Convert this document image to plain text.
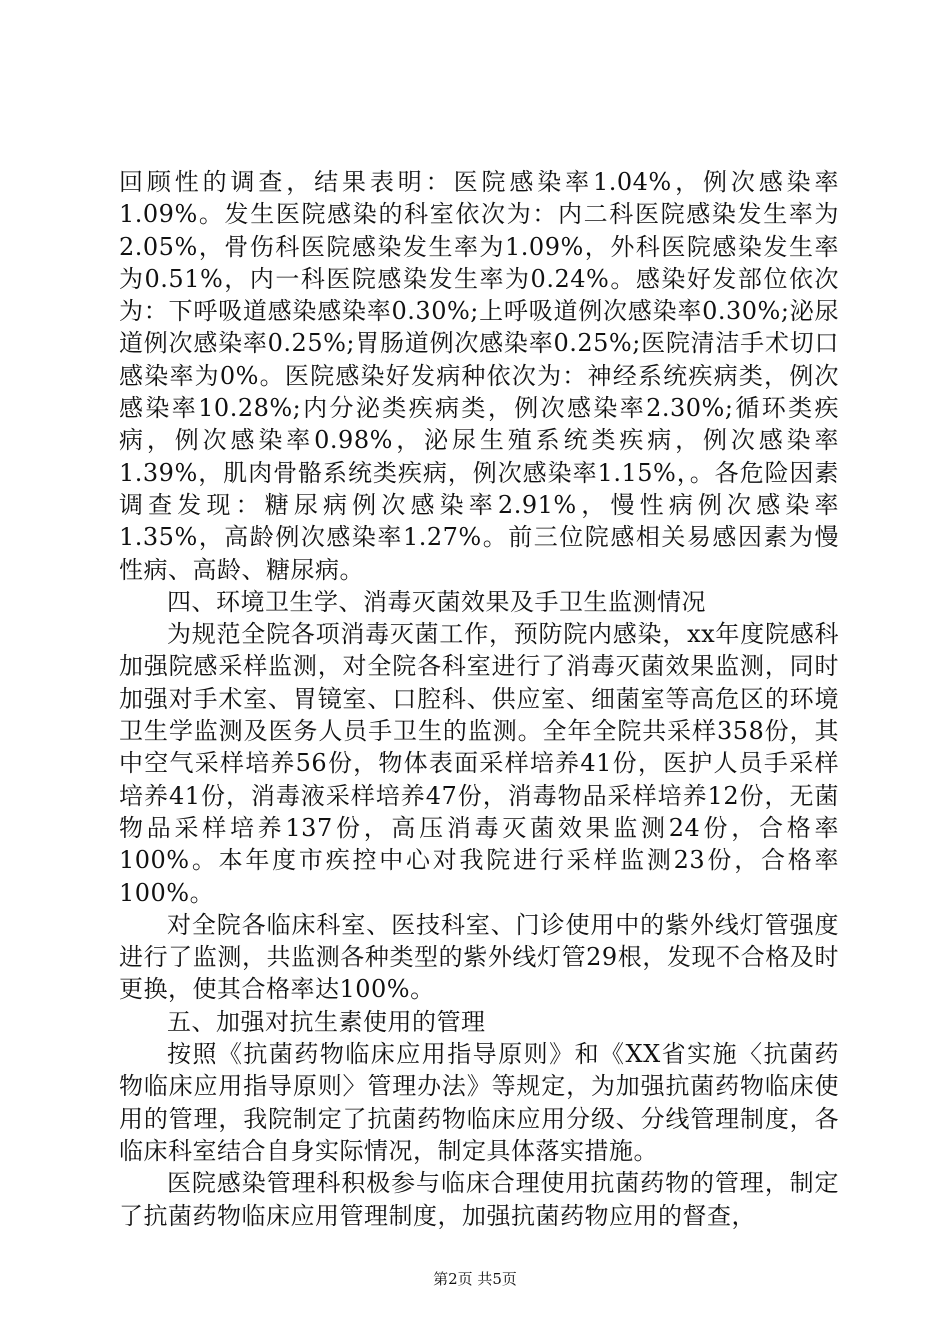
回顾性的调查，结果表明：医院感染率1.04%，例次感染率1.09%。发生医院感染的科室依次为：内二科医院感染发生率为2.05%，骨伤科医院感染发生率为1.09%，外科医院感染发生率为0.51%，内一科医院感染发生率为0.24%。感染好发部位依次为：下呼吸道感染感染率0.30%;上呼吸道例次感染率0.30%;泌尿道例次感染率0.25%;胃肠道例次感染率0.25%;医院清洁手术切口感染率为0%。医院感染好发病种依次为：神经系统疾病类，例次感染率10.28%;内分泌类疾病类，例次感染率2.30%;循环类疾病，例次感染率0.98%，泌尿生殖系统类疾病，例次感染率1.39%，肌肉骨骼系统类疾病，例次感染率1.15%，。各危险因素调查发现：糖尿病例次感染率2.91%，慢性病例次感染率1.35%，高龄例次感染率1.27%。前三位院感相关易感因素为慢性病、高龄、糖尿病。

四、环境卫生学、消毒灭菌效果及手卫生监测情况

为规范全院各项消毒灭菌工作，预防院内感染，xx年度院感科加强院感采样监测，对全院各科室进行了消毒灭菌效果监测，同时加强对手术室、胃镜室、口腔科、供应室、细菌室等高危区的环境卫生学监测及医务人员手卫生的监测。全年全院共采样358份，其中空气采样培养56份，物体表面采样培养41份，医护人员手采样培养41份，消毒液采样培养47份，消毒物品采样培养12份，无菌物品采样培养137份，高压消毒灭菌效果监测24份，合格率100%。本年度市疾控中心对我院进行采样监测23份，合格率100%。

对全院各临床科室、医技科室、门诊使用中的紫外线灯管强度进行了监测，共监测各种类型的紫外线灯管29根，发现不合格及时更换，使其合格率达100%。

五、加强对抗生素使用的管理

按照《抗菌药物临床应用指导原则》和《XX省实施〈抗菌药物临床应用指导原则〉管理办法》等规定，为加强抗菌药物临床使用的管理，我院制定了抗菌药物临床应用分级、分线管理制度，各临床科室结合自身实际情况，制定具体落实措施。

医院感染管理科积极参与临床合理使用抗菌药物的管理，制定了抗菌药物临床应用管理制度，加强抗菌药物应用的督查，

第2页 共5页
